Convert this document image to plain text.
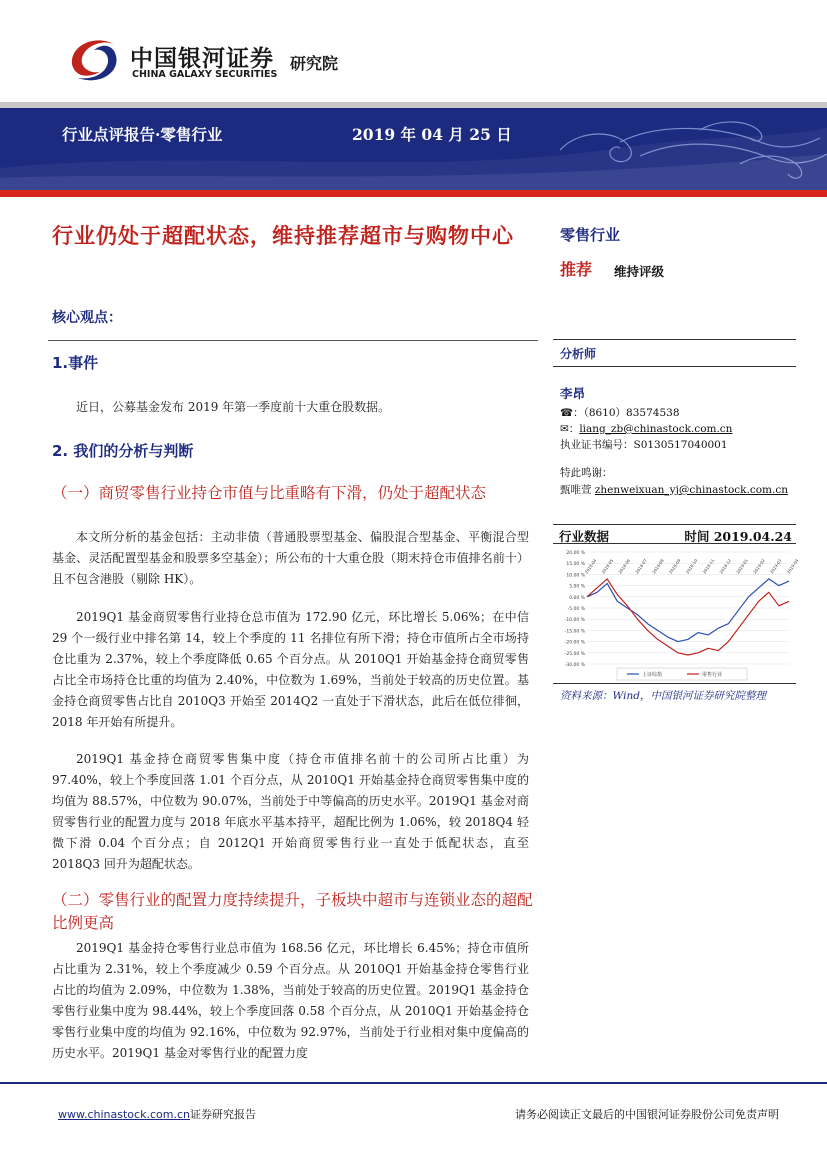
中国银河证券
CHINA GALAXY SECURITIES
研究院
行业点评报告·零售行业	2019 年 04 月 25 日
行业仍处于超配状态，维持推荐超市与购物中心
核心观点：
1.事件
近日，公募基金发布 2019 年第一季度前十大重仓股数据。
2. 我们的分析与判断
（一）商贸零售行业持仓市值与比重略有下滑，仍处于超配状态
本文所分析的基金包括：主动非债（普通股票型基金、偏股混合型基金、平衡混合型基金、灵活配置型基金和股票多空基金）；所公布的十大重仓股（期末持仓市值排名前十）且不包含港股（剔除 HK）。
2019Q1 基金商贸零售行业持仓总市值为 172.90 亿元，环比增长 5.06%；在中信 29 个一级行业中排名第 14，较上个季度的 11 名排位有所下滑；持仓市值所占全市场持仓比重为 2.37%，较上个季度降低 0.65 个百分点。从 2010Q1 开始基金持仓商贸零售占比全市场持仓比重的均值为 2.40%，中位数为 1.69%，当前处于较高的历史位置。基金持仓商贸零售占比自 2010Q3 开始至 2014Q2 一直处于下滑状态，此后在低位徘徊，2018 年开始有所提升。
2019Q1 基金持仓商贸零售集中度（持仓市值排名前十的公司所占比重）为 97.40%，较上个季度回落 1.01 个百分点，从 2010Q1 开始基金持仓商贸零售集中度的均值为 88.57%，中位数为 90.07%，当前处于中等偏高的历史水平。2019Q1 基金对商贸零售行业的配置力度与 2018 年底水平基本持平，超配比例为 1.06%，较 2018Q4 轻微下滑 0.04 个百分点；自 2012Q1 开始商贸零售行业一直处于低配状态，直至 2018Q3 回升为超配状态。
（二）零售行业的配置力度持续提升，子板块中超市与连锁业态的超配比例更高
2019Q1 基金持仓零售行业总市值为 168.56 亿元，环比增长 6.45%；持仓市值所占比重为 2.31%，较上个季度减少 0.59 个百分点。从 2010Q1 开始基金持仓零售行业占比的均值为 2.09%，中位数为 1.38%，当前处于较高的历史位置。2019Q1 基金持仓零售行业集中度为 98.44%，较上个季度回落 0.58 个百分点，从 2010Q1 开始基金持仓零售行业集中度的均值为 92.16%，中位数为 92.97%，当前处于行业相对集中度偏高的历史水平。2019Q1 基金对零售行业的配置力度
零售行业
推荐 维持评级
分析师
李昂
☎：（8610）83574538
✉：liang_zb@chinastock.com.cn
执业证书编号：S0130517040001
特此鸣谢：
甄唯萱 zhenweixuan_yj@chinastock.com.cn
行业数据	时间 2019.04.24
20.00 %
15.00 %
10.00 %
5.00 %
0.00 %
-5.00 %
-10.00 %
-15.00 %
-20.00 %
-25.00 %
-30.00 %
2018-04 2018-05 2018-06 2018-07 2018-08 2018-09 2018-10 2018-11 2018-12 2019-01 2019-02 2019-03 2019-04
上证综指	零售行业
资料来源：Wind，中国银河证券研究院整理
www.chinastock.com.cn证券研究报告	请务必阅读正文最后的中国银河证券股份公司免责声明
